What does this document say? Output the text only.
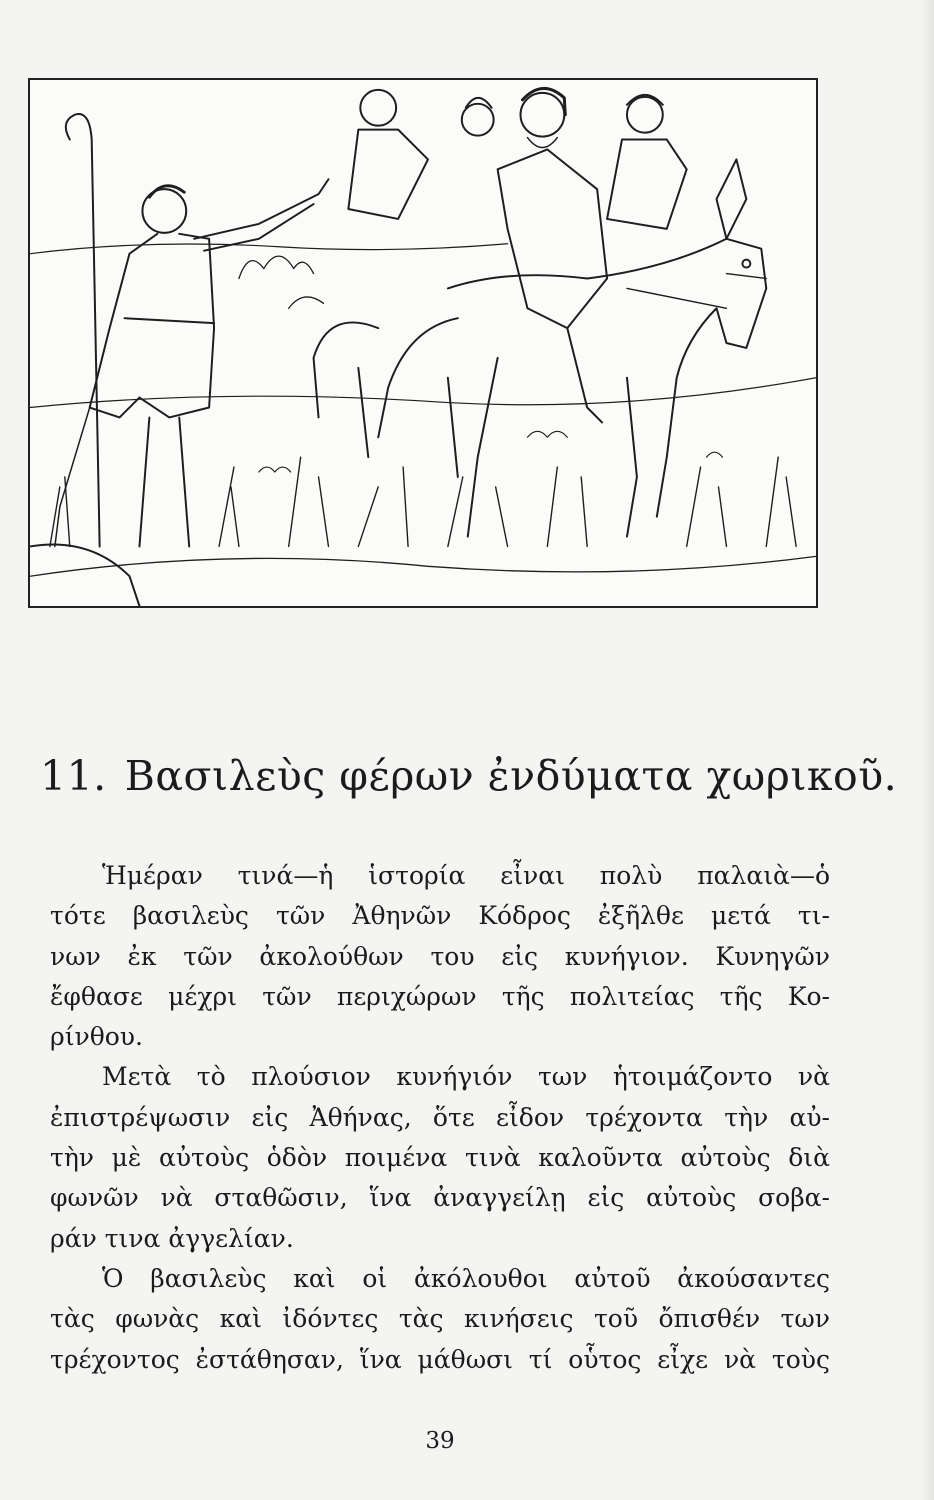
11. Βασιλεὺς φέρων ἐνδύματα χωρικοῦ.

Ἡμέραν τινά—ἡ ἱστορία εἶναι πολὺ παλαιὰ—ὁ
τότε βασιλεὺς τῶν Ἀθηνῶν Κόδρος ἐξῆλθε μετά τι-
νων ἐκ τῶν ἀκολούθων του εἰς κυνήγιον. Κυνηγῶν
ἔφθασε μέχρι τῶν περιχώρων τῆς πολιτείας τῆς Κο-
ρίνθου.

Μετὰ τὸ πλούσιον κυνήγιόν των ἡτοιμάζοντο νὰ
ἐπιστρέψωσιν εἰς Ἀθήνας, ὅτε εἶδον τρέχοντα τὴν αὐ-
τὴν μὲ αὐτοὺς ὁδὸν ποιμένα τινὰ καλοῦντα αὐτοὺς διὰ
φωνῶν νὰ σταθῶσιν, ἵνα ἀναγγείλῃ εἰς αὐτοὺς σοβα-
ράν τινα ἀγγελίαν.

Ὁ βασιλεὺς καὶ οἱ ἀκόλουθοι αὐτοῦ ἀκούσαντες
τὰς φωνὰς καὶ ἰδόντες τὰς κινήσεις τοῦ ὄπισθέν των
τρέχοντος ἐστάθησαν, ἵνα μάθωσι τί οὗτος εἶχε νὰ τοὺς

39
